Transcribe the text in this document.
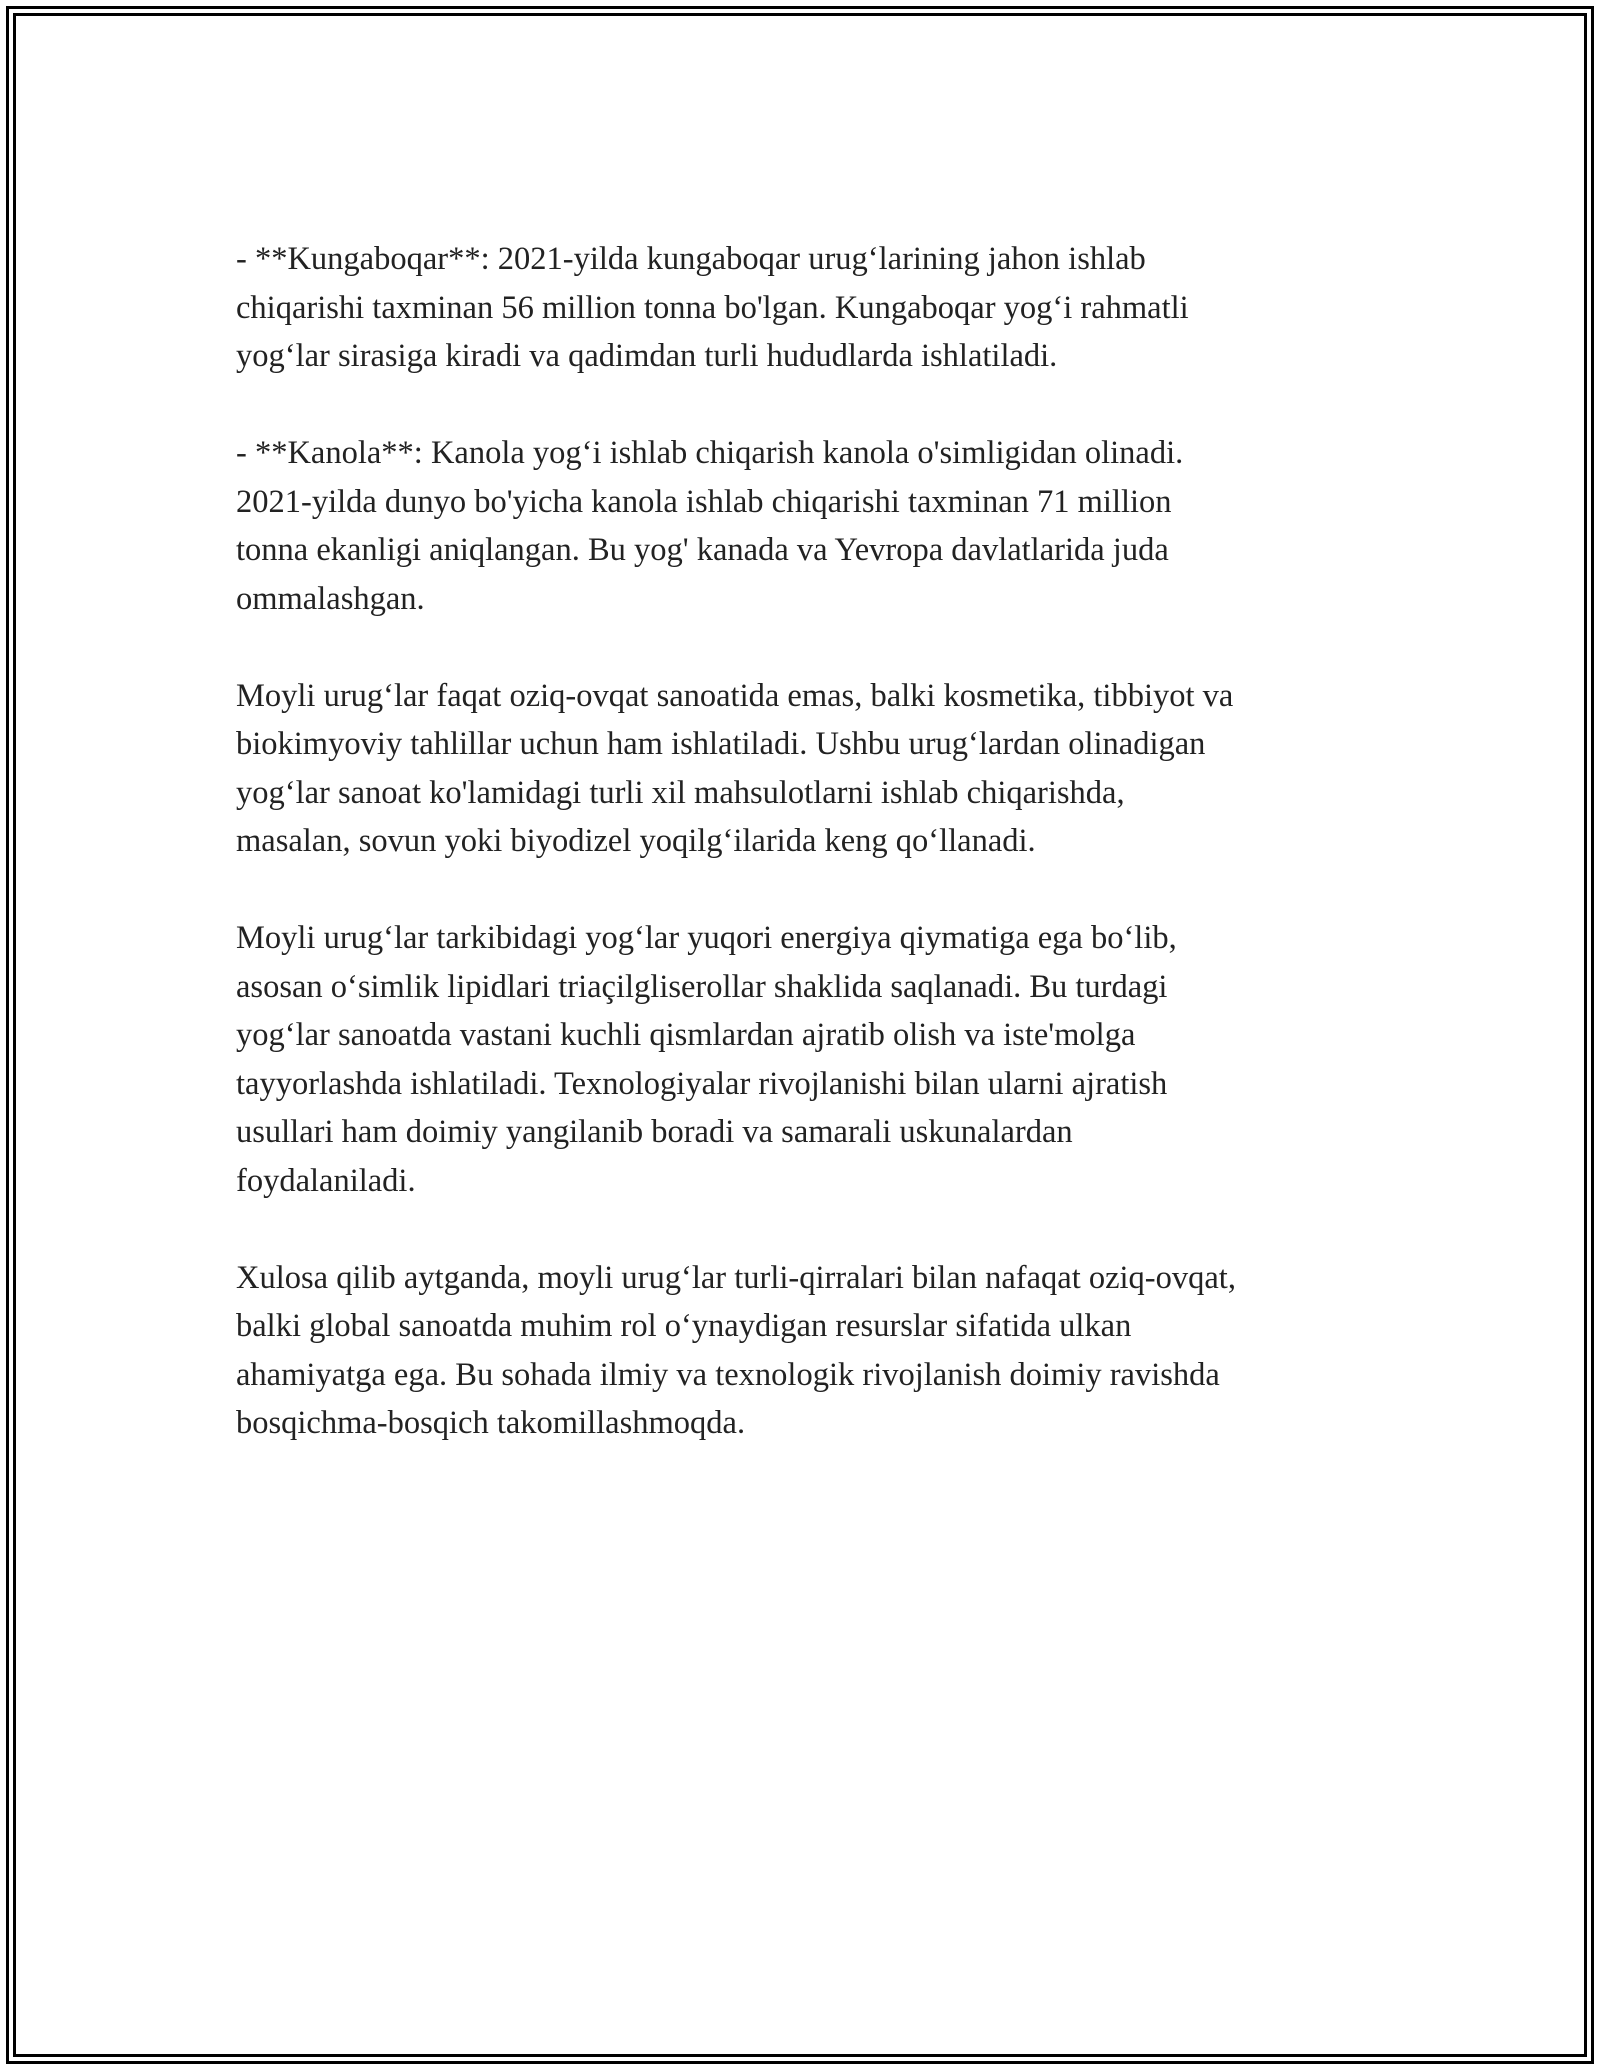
- **Kungaboqar**: 2021-yilda kungaboqar urug‘larining jahon ishlab
chiqarishi taxminan 56 million tonna bo'lgan. Kungaboqar yog‘i rahmatli
yog‘lar sirasiga kiradi va qadimdan turli hududlarda ishlatiladi.

- **Kanola**: Kanola yog‘i ishlab chiqarish kanola o'simligidan olinadi.
2021-yilda dunyo bo'yicha kanola ishlab chiqarishi taxminan 71 million
tonna ekanligi aniqlangan. Bu yog' kanada va Yevropa davlatlarida juda
ommalashgan.

Moyli urug‘lar faqat oziq-ovqat sanoatida emas, balki kosmetika, tibbiyot va
biokimyoviy tahlillar uchun ham ishlatiladi. Ushbu urug‘lardan olinadigan
yog‘lar sanoat ko'lamidagi turli xil mahsulotlarni ishlab chiqarishda,
masalan, sovun yoki biyodizel yoqilg‘ilarida keng qo‘llanadi.

Moyli urug‘lar tarkibidagi yog‘lar yuqori energiya qiymatiga ega bo‘lib,
asosan o‘simlik lipidlari triaçilgliserollar shaklida saqlanadi. Bu turdagi
yog‘lar sanoatda vastani kuchli qismlardan ajratib olish va iste'molga
tayyorlashda ishlatiladi. Texnologiyalar rivojlanishi bilan ularni ajratish
usullari ham doimiy yangilanib boradi va samarali uskunalardan
foydalaniladi.

Xulosa qilib aytganda, moyli urug‘lar turli-qirralari bilan nafaqat oziq-ovqat,
balki global sanoatda muhim rol o‘ynaydigan resurslar sifatida ulkan
ahamiyatga ega. Bu sohada ilmiy va texnologik rivojlanish doimiy ravishda
bosqichma-bosqich takomillashmoqda.
